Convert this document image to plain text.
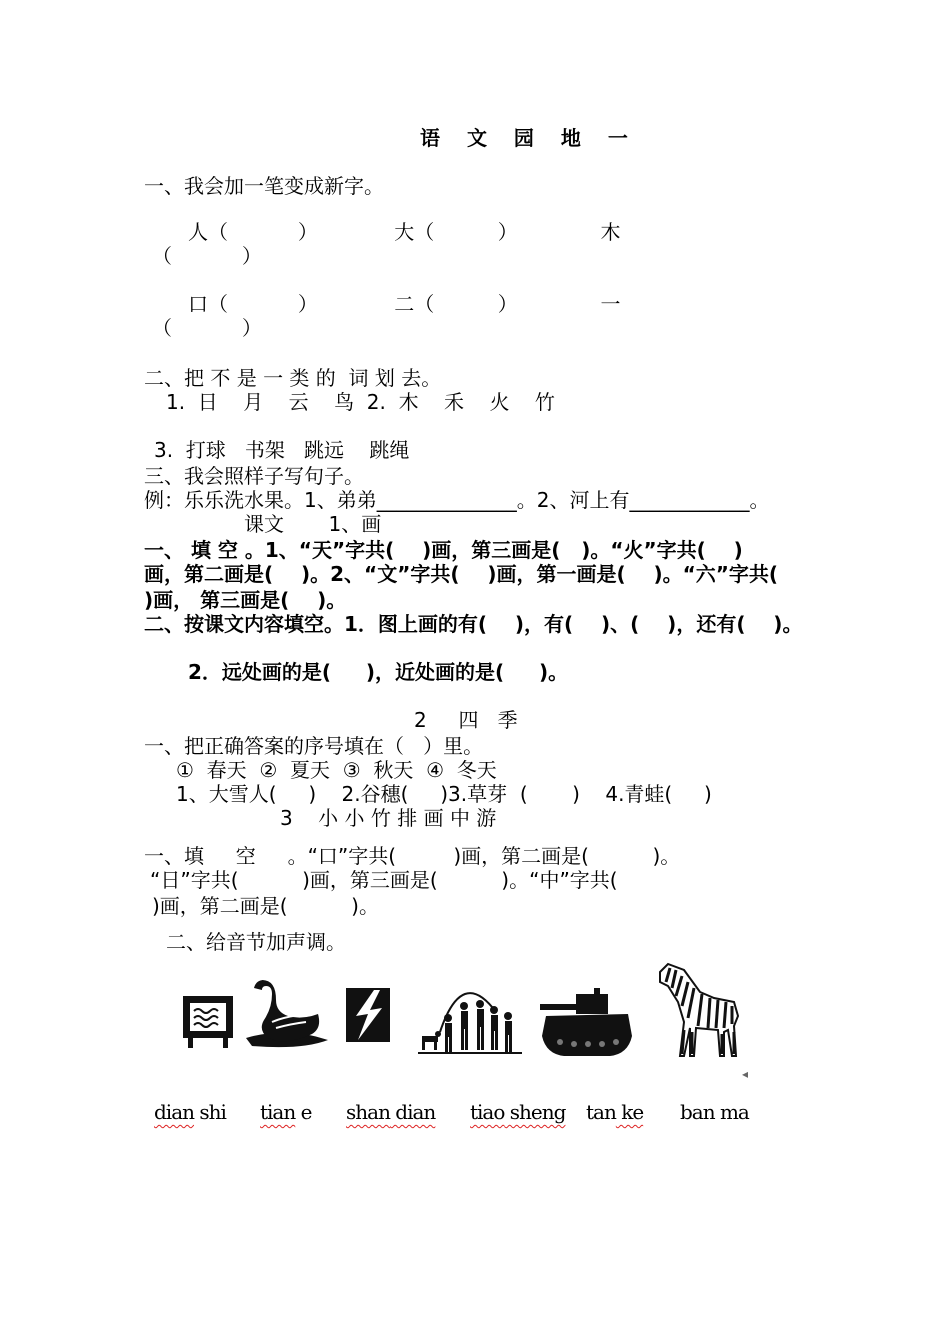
语 文 园 地 一
一、我会加一笔变成新字。
人（           ）            大（          ）             木
（           ）
口（           ）            二（          ）             一
（           ）
二、把 不 是 一 类 的  词 划 去。
1.  日    月    云    鸟  2.  木    禾    火    竹
3.  打球   书架   跳远    跳绳
三、我会照样子写句子。
例：乐乐洗水果。1、弟弟______________。2、河上有____________。
课文       1、画
一、 填 空 。1、“天”字共(    )画，第三画是(   )。“火”字共(    )
画，第二画是(    )。2、“文”字共(    )画，第一画是(    )。“六”字共(
)画， 第三画是(    )。
二、按课文内容填空。1．图上画的有(    )，有(    )、(    )，还有(    )。
2．远处画的是(     )，近处画的是(     )。
2     四   季
一、把正确答案的序号填在（   ）里。
①  春天  ②  夏天  ③  秋天  ④  冬天
1、大雪人(     )    2.谷穗(     )3.草芽  (       )    4.青蛙(     )
3    小 小 竹 排 画 中 游
一、填     空     。“口”字共(         )画，第二画是(          )。
“日”字共(          )画，第三画是(          )。“中”字共(
)画，第二画是(          )。
二、给音节加声调。
◂
dian shi tian e shan dian tiao sheng tan ke ban ma
